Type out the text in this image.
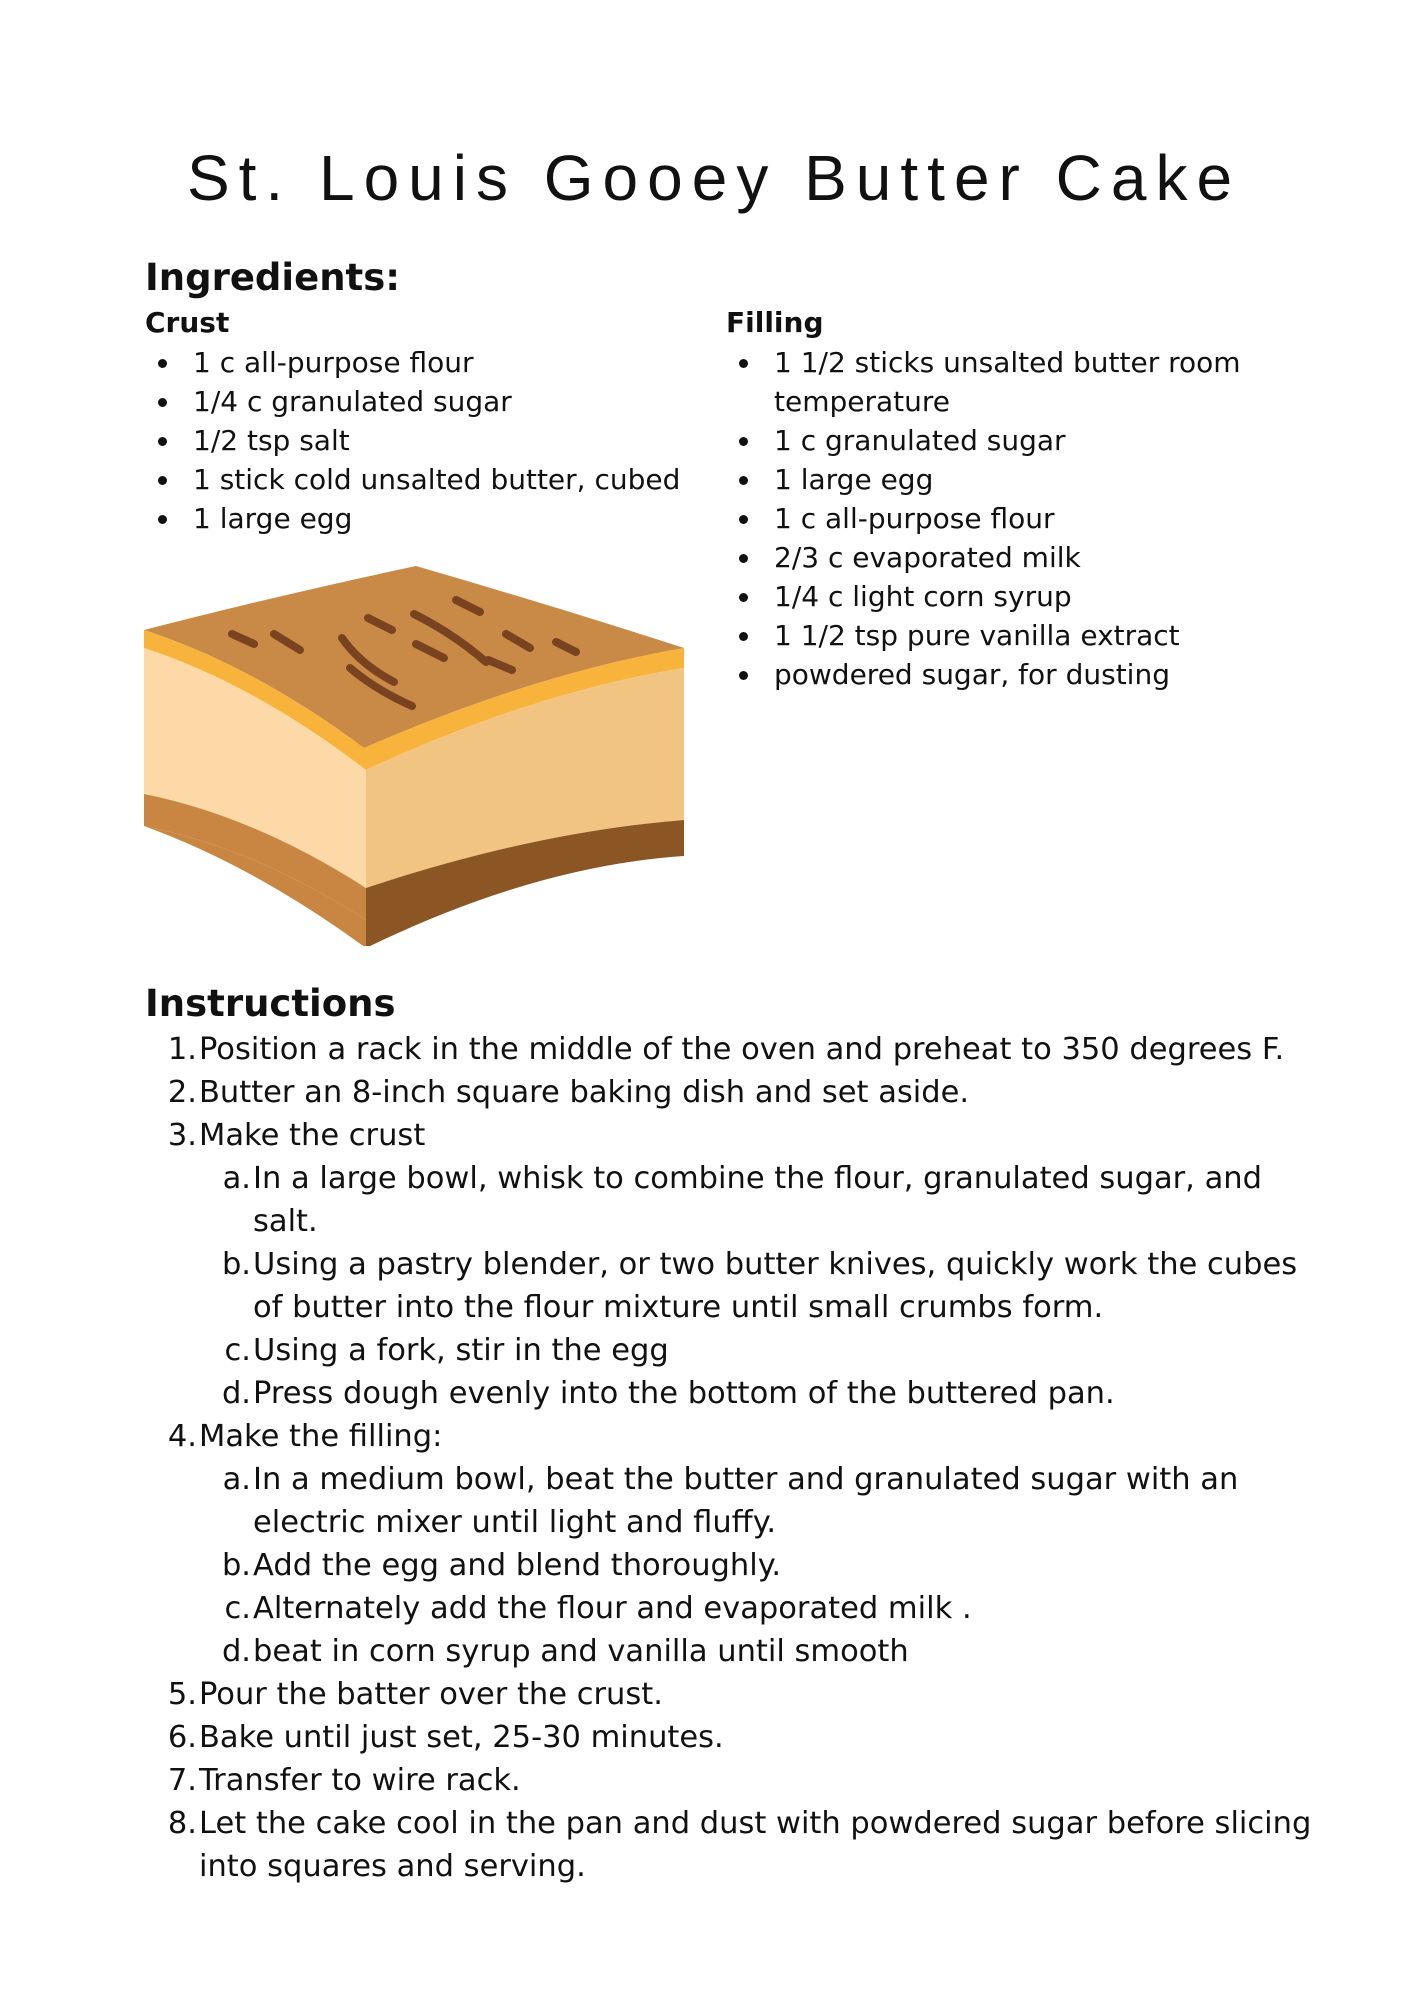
St. Louis Gooey Butter Cake
Ingredients:
Crust
1 c all-purpose flour
1/4 c granulated sugar
1/2 tsp salt
1 stick cold unsalted butter, cubed
1 large egg
Filling
1 1/2 sticks unsalted butter room temperature
1 c granulated sugar
1 large egg
1 c all-purpose flour
2/3 c evaporated milk
1/4 c light corn syrup
1 1/2 tsp pure vanilla extract
powdered sugar, for dusting
Instructions
1. Position a rack in the middle of the oven and preheat to 350 degrees F.
2. Butter an 8-inch square baking dish and set aside.
3. Make the crust
a. In a large bowl, whisk to combine the flour, granulated sugar, and salt.
b. Using a pastry blender, or two butter knives, quickly work the cubes of butter into the flour mixture until small crumbs form.
c. Using a fork, stir in the egg
d. Press dough evenly into the bottom of the buttered pan.
4. Make the filling:
a. In a medium bowl, beat the butter and granulated sugar with an electric mixer until light and fluffy.
b. Add the egg and blend thoroughly.
c. Alternately add the flour and evaporated milk .
d. beat in corn syrup and vanilla until smooth
5. Pour the batter over the crust.
6. Bake until just set, 25-30 minutes.
7. Transfer to wire rack.
8. Let the cake cool in the pan and dust with powdered sugar before slicing into squares and serving.
